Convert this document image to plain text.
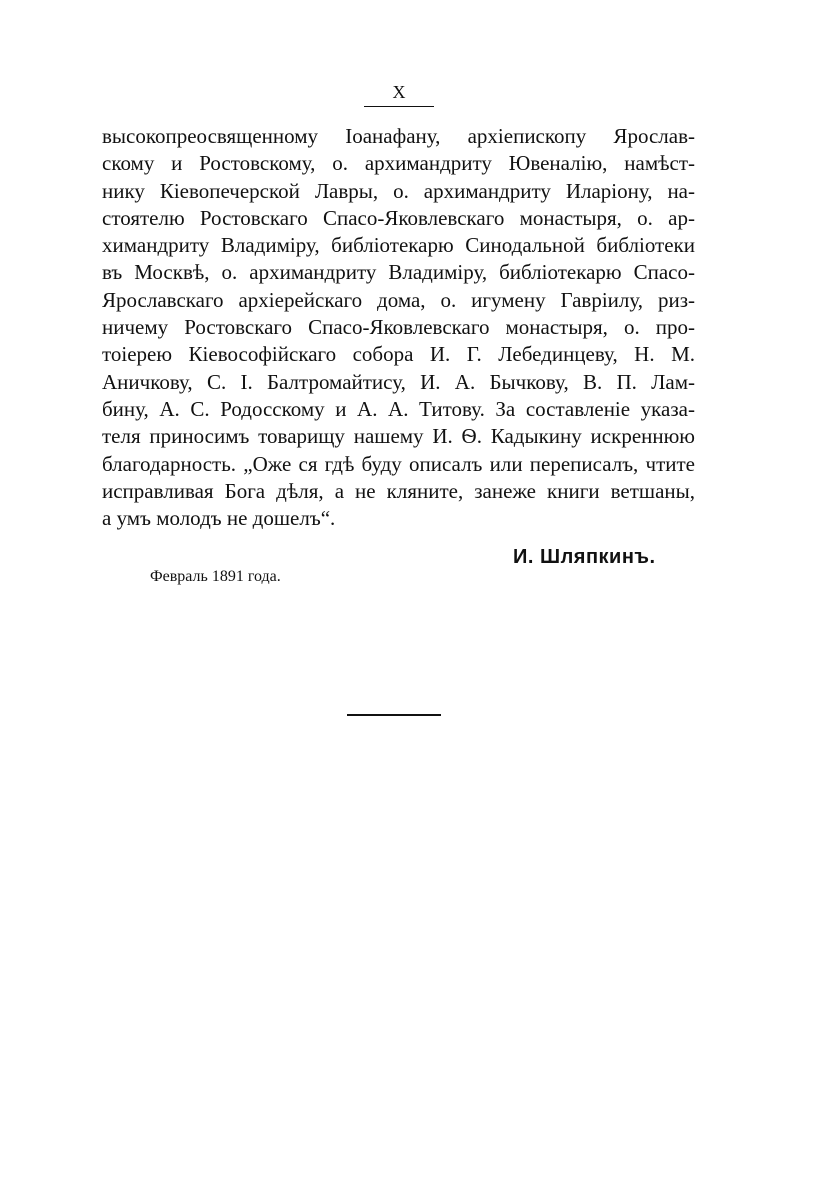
X
высокопреосвященному Іоанафану, архіепископу Ярослав-
скому и Ростовскому, о. архимандриту Ювеналію, намѣст-
нику Кіевопечерской Лавры, о. архимандриту Иларіону, на-
стоятелю Ростовскаго Спасо-Яковлевскаго монастыря, о. ар-
химандриту Владиміру, библіотекарю Синодальной библіотеки
въ Москвѣ, о. архимандриту Владиміру, библіотекарю Спасо-
Ярославскаго архіерейскаго дома, о. игумену Гавріилу, риз-
ничему Ростовскаго Спасо-Яковлевскаго монастыря, о. про-
тоіерею Кіевософійскаго собора И. Г. Лебединцеву, Н. М.
Аничкову, С. І. Балтромайтису, И. А. Бычкову, В. П. Лам-
бину, А. С. Родосскому и А. А. Титову. За составленіе указа-
теля приносимъ товарищу нашему И. Ѳ. Кадыкину искреннюю
благодарность. „Оже ся гдѣ буду описалъ или переписалъ, чтите
исправливая Бога дѣля, а не кляните, занеже книги ветшаны,
а умъ молодъ не дошелъ“.
И. Шляпкинъ.
Февраль 1891 года.
